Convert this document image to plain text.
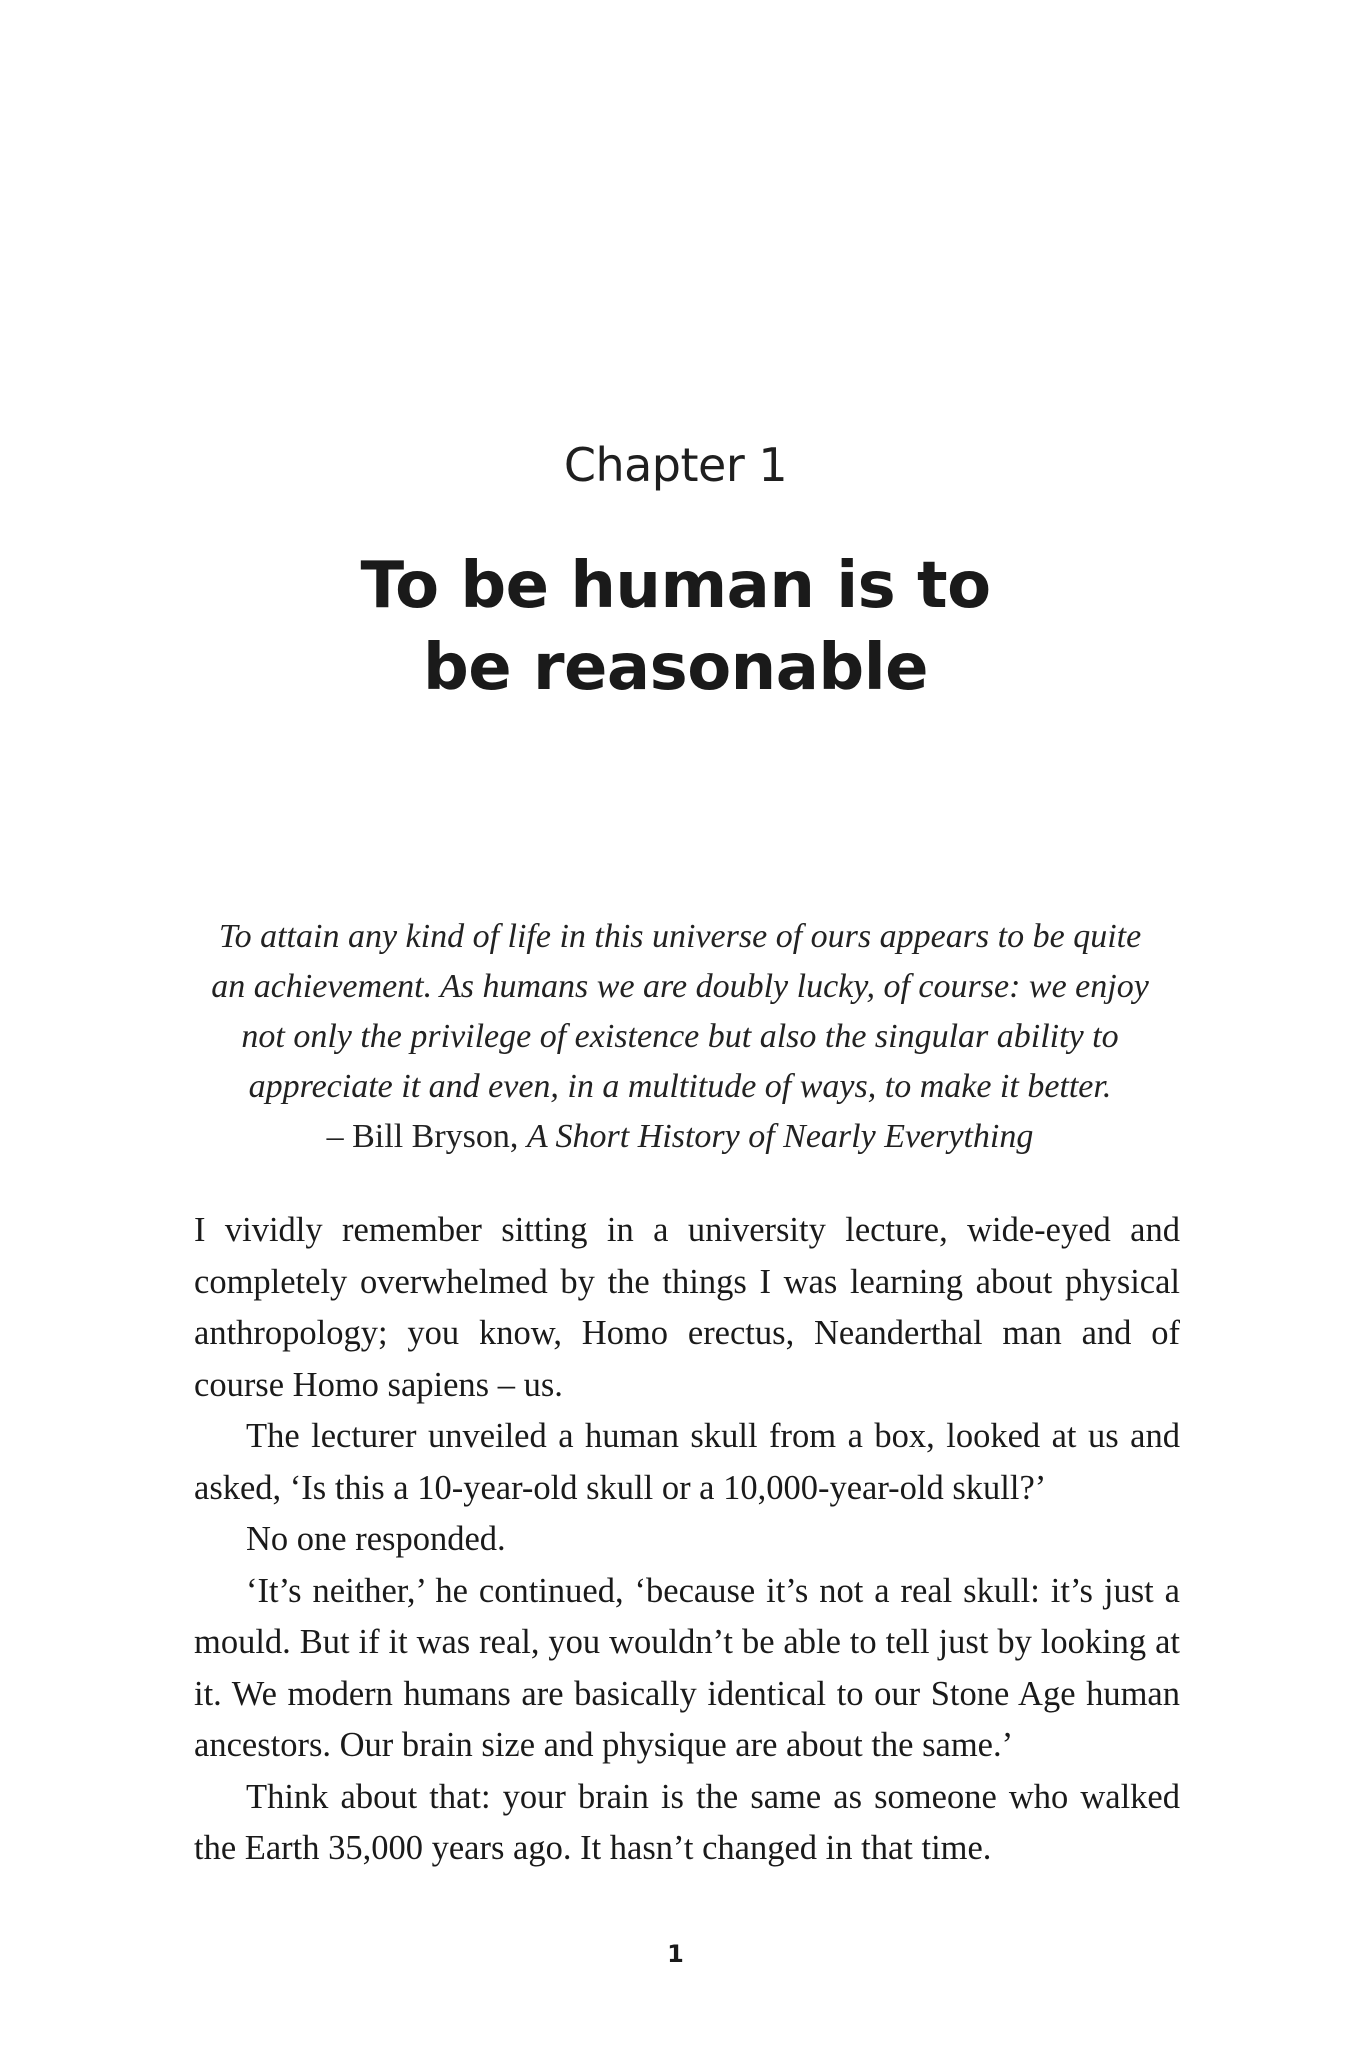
Chapter 1
To be human is to
be reasonable
To attain any kind of life in this universe of ours appears to be quite
an achievement. As humans we are doubly lucky, of course: we enjoy
not only the privilege of existence but also the singular ability to
appreciate it and even, in a multitude of ways, to make it better.
– Bill Bryson, A Short History of Nearly Everything

I vividly remember sitting in a university lecture, wide-eyed and completely overwhelmed by the things I was learning about physical anthropology; you know, Homo erectus, Neanderthal man and of course Homo sapiens – us.

The lecturer unveiled a human skull from a box, looked at us and asked, ‘Is this a 10-year-old skull or a 10,000-year-old skull?’

No one responded.

‘It’s neither,’ he continued, ‘because it’s not a real skull: it’s just a mould. But if it was real, you wouldn’t be able to tell just by looking at it. We modern humans are basically identical to our Stone Age human ancestors. Our brain size and physique are about the same.’

Think about that: your brain is the same as someone who walked the Earth 35,000 years ago. It hasn’t changed in that time.

1
